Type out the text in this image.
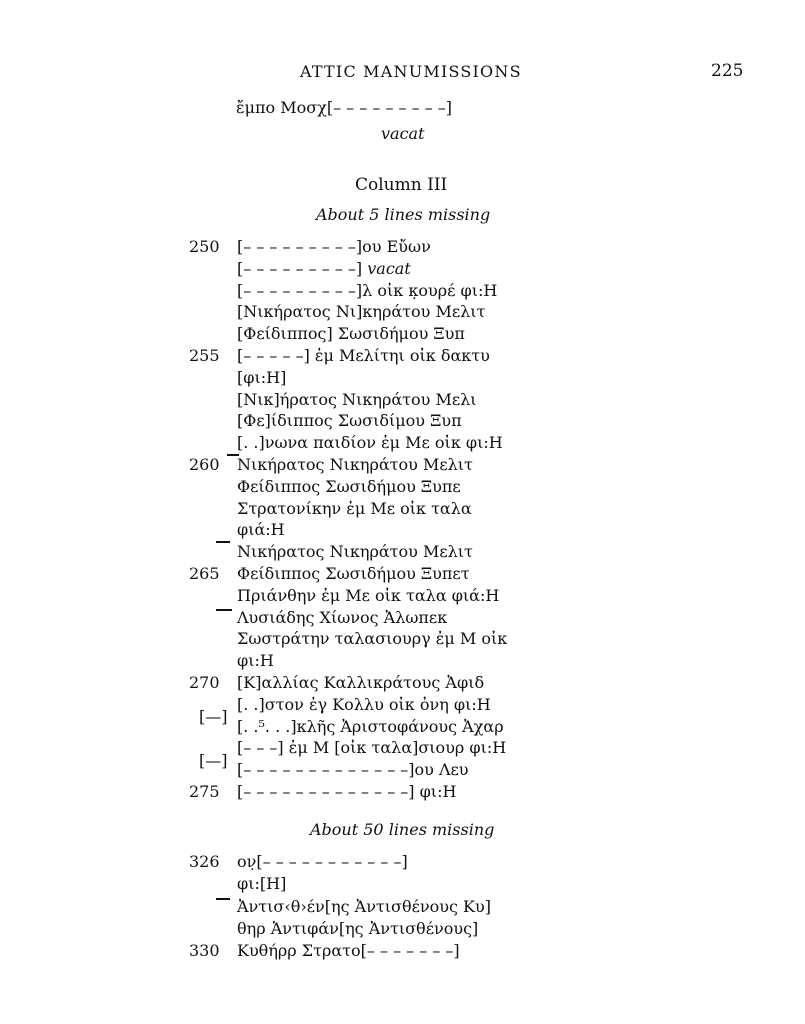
ATTIC MANUMISSIONS	225
ἔμπο Μοσχ[– – – – – – – – –]
vacat
Column III
About 5 lines missing
250 [– – – – – – – – –]ου Εὔων
[– – – – – – – – –] vacat
[– – – – – – – – –]λ οἰκ κ̣ουρέ φι:Η
[Νικήρατος Νι]κηράτου Μελιτ
[Φείδιππος] Σωσιδήμου Ξυπ
255 [– – – – –] ἐμ Μελίτηι οἰκ δακτυ
[φι:Η]
[Νικ]ήρατος Νικηράτου Μελι
[Φε]ίδιππος Σωσιδίμου Ξυπ
[. .]νωνα παιδίον ἐμ Με οἰκ φι:Η
260 Νικήρατος Νικηράτου Μελιτ
Φείδιππος Σωσιδήμου Ξυπε
Στρατονίκην ἐμ Με οἰκ ταλα
φιά:Η
Νικήρατος Νικηράτου Μελιτ
265 Φείδιππος Σωσιδήμου Ξυπετ
Πριάνθην ἐμ Με οἰκ ταλα φιά:Η
Λυσιάδης Χίωνος Ἀλωπεκ
Σωστράτην ταλασιουργ ἐμ Μ οἰκ
φι:Η
270 [Κ]αλλίας Καλλικράτους Ἀφιδ
[. .]στον ἐγ Κολλυ οἰκ ὀνη φι:Η
[. .⁵. . .]κλῆς Ἀριστοφάνους Ἀχαρ
[– – –] ἐμ Μ [οἰκ ταλα]σιουρ φι:Η
[– – – – – – – – – – – – –]ου Λευ
275 [– – – – – – – – – – – – –] φι:Η
About 50 lines missing
326 ον̣[– – – – – – – – – – –]
φι:[Η]
Ἀντισ‹θ›έν[ης Ἀντισθένους Κυ]
θηρ Ἀντιφάν[ης Ἀντισθένους]
330 Κυθήρρ Στρατο[– – – – – – –]
[—]
[—]
